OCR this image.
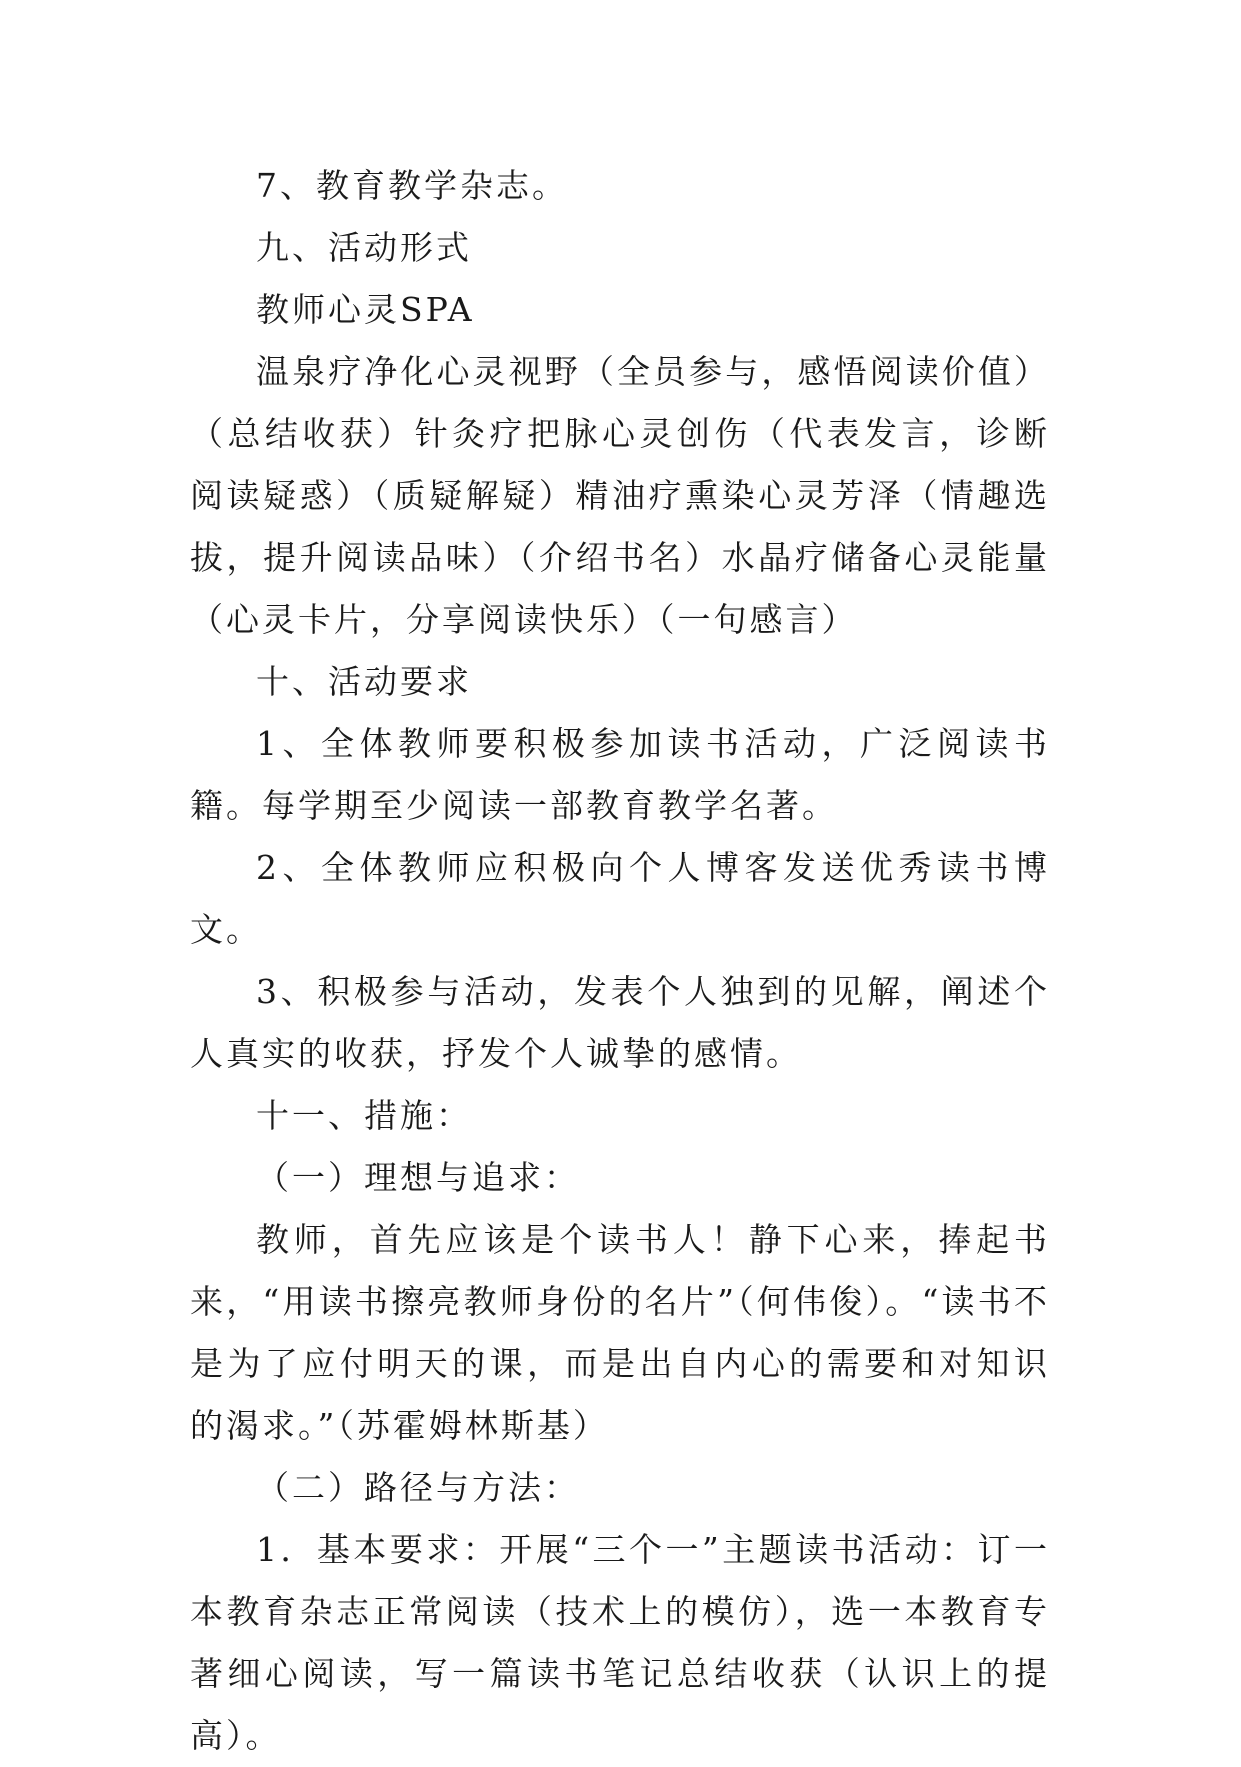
7、教育教学杂志。

九、活动形式

教师心灵SPA

温泉疗净化心灵视野（全员参与，感悟阅读价值）（总结收获）针灸疗把脉心灵创伤（代表发言，诊断阅读疑惑）（质疑解疑）精油疗熏染心灵芳泽（情趣选拔，提升阅读品味）（介绍书名）水晶疗储备心灵能量（心灵卡片，分享阅读快乐）（一句感言）

十、活动要求

1、全体教师要积极参加读书活动，广泛阅读书籍。每学期至少阅读一部教育教学名著。

2、全体教师应积极向个人博客发送优秀读书博文。

3、积极参与活动，发表个人独到的见解，阐述个人真实的收获，抒发个人诚挚的感情。

十一、措施：

（一）理想与追求：

教师，首先应该是个读书人！静下心来，捧起书来，“用读书擦亮教师身份的名片”（何伟俊）。“读书不是为了应付明天的课，而是出自内心的需要和对知识的渴求。”（苏霍姆林斯基）

（二）路径与方法：

1．基本要求：开展“三个一”主题读书活动：订一本教育杂志正常阅读（技术上的模仿），选一本教育专著细心阅读，写一篇读书笔记总结收获（认识上的提高）。
